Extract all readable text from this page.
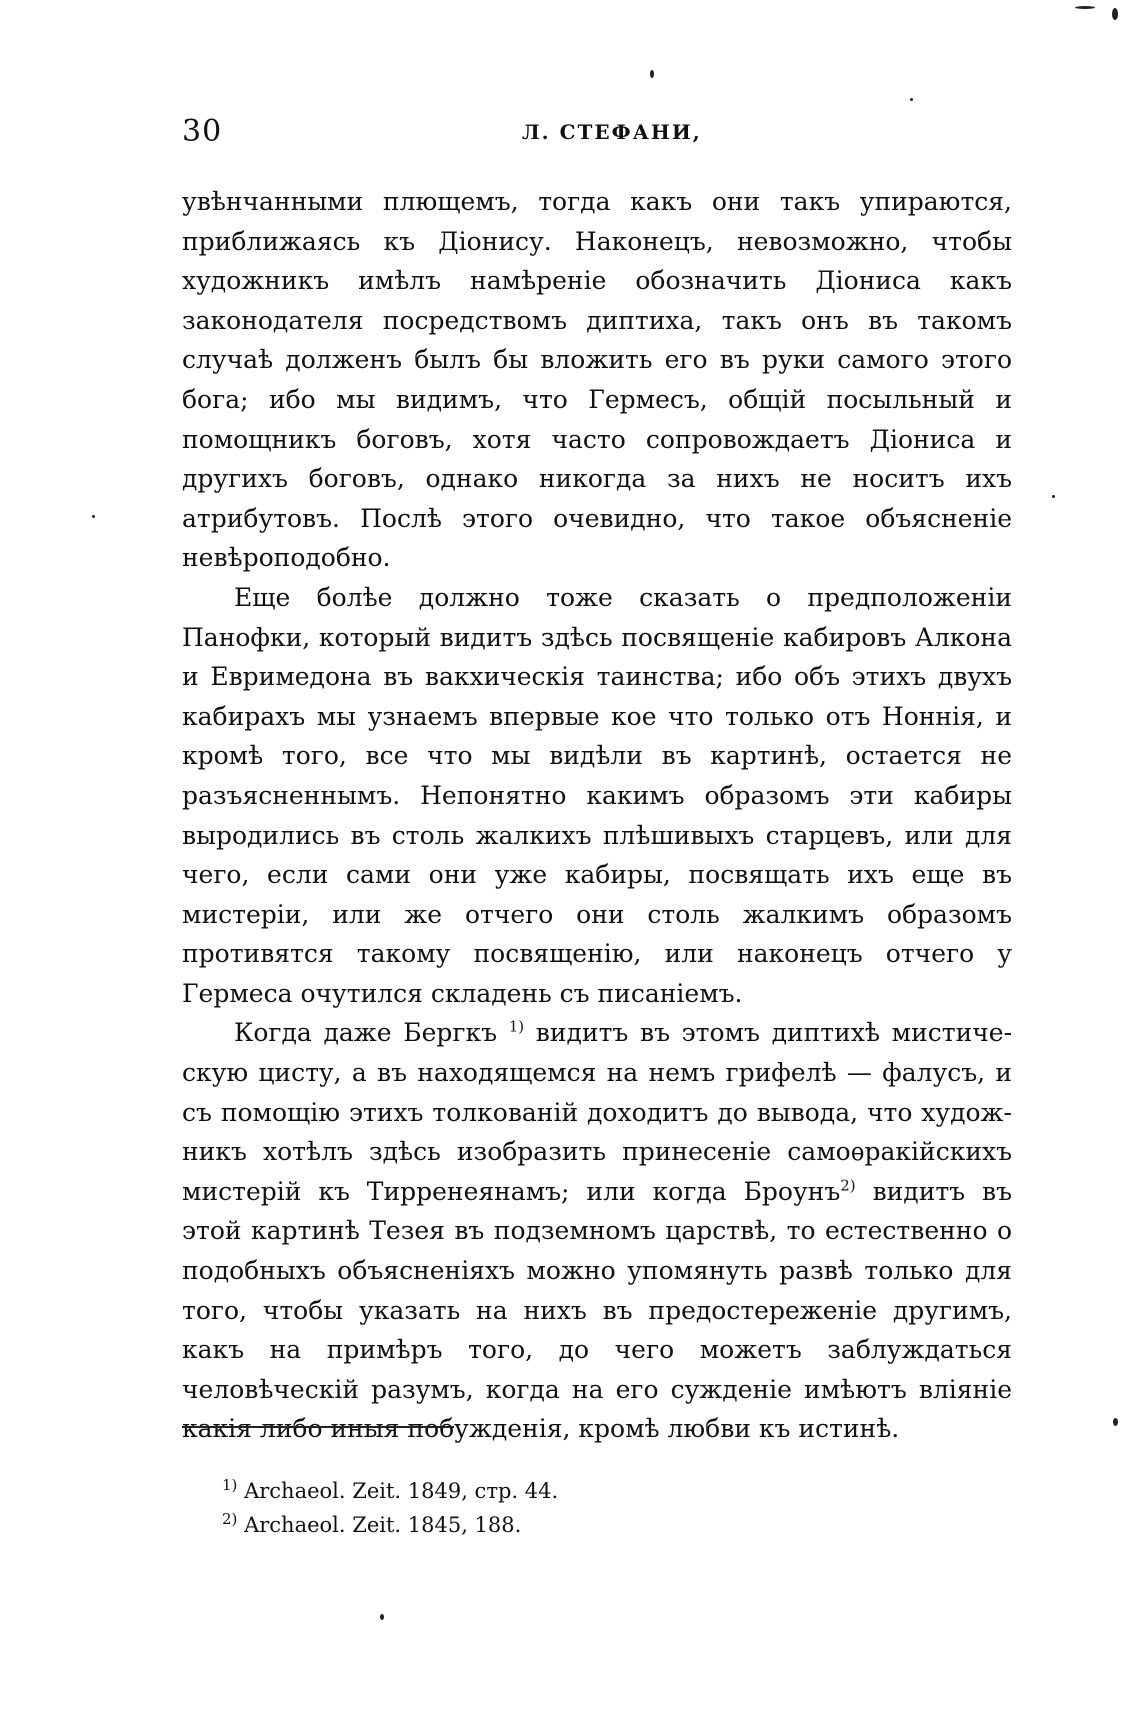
30	Л. СТЕФАНИ,

увѣнчанными плющемъ, тогда какъ они такъ упираются, приближаясь къ Діонису. Наконецъ, невозможно, чтобы художникъ имѣлъ намѣреніе обозначить Діониса какъ законодателя посредствомъ диптиха, такъ онъ въ такомъ случаѣ долженъ былъ бы вложить его въ руки самого этого бога; ибо мы видимъ, что Гермесъ, общій посыльный и помощникъ боговъ, хотя часто сопровождаетъ Діониса и другихъ боговъ, однако никогда за нихъ не носитъ ихъ атрибутовъ. Послѣ этого очевидно, что такое объясненіе невѣроподобно.

Еще болѣе должно тоже сказать о предположеніи Панофки, который видитъ здѣсь посвященіе кабировъ Алкона и Евримедона въ вакхическія таинства; ибо объ этихъ двухъ кабирахъ мы узнаемъ впервые кое что только отъ Ноннія, и кромѣ того, все что мы видѣли въ картинѣ, остается не разъясненнымъ. Непонятно какимъ образомъ эти кабиры выродились въ столь жалкихъ плѣшивыхъ старцевъ, или для чего, если сами они уже кабиры, посвящать ихъ еще въ мистеріи, или же отчего они столь жалкимъ образомъ противятся такому посвященію, или наконецъ отчего у Гермеса очутился складень съ писаніемъ.

Когда даже Бергкъ $^{1)}$ видитъ въ этомъ диптихѣ мистическую цисту, а въ находящемся на немъ грифелѣ — фалусъ, и съ помощію этихъ толкованій доходитъ до вывода, что художникъ хотѣлъ здѣсь изобразить принесеніе самоѳракійскихъ мистерій къ Тирренеянамъ; или когда Броунъ$^{2)}$ видитъ въ этой картинѣ Тезея въ подземномъ царствѣ, то естественно о подобныхъ объясненіяхъ можно упомянуть развѣ только для того, чтобы указать на нихъ въ предостереженіе другимъ, какъ на примѣръ того, до чего можетъ заблуждаться человѣческій разумъ, когда на его сужденіе имѣютъ вліяніе какія либо иныя побужденія, кромѣ любви къ истинѣ.

$^{1)}$ Archaeol. Zeit. 1849, стр. 44.
$^{2)}$ Archaeol. Zeit. 1845, 188.
